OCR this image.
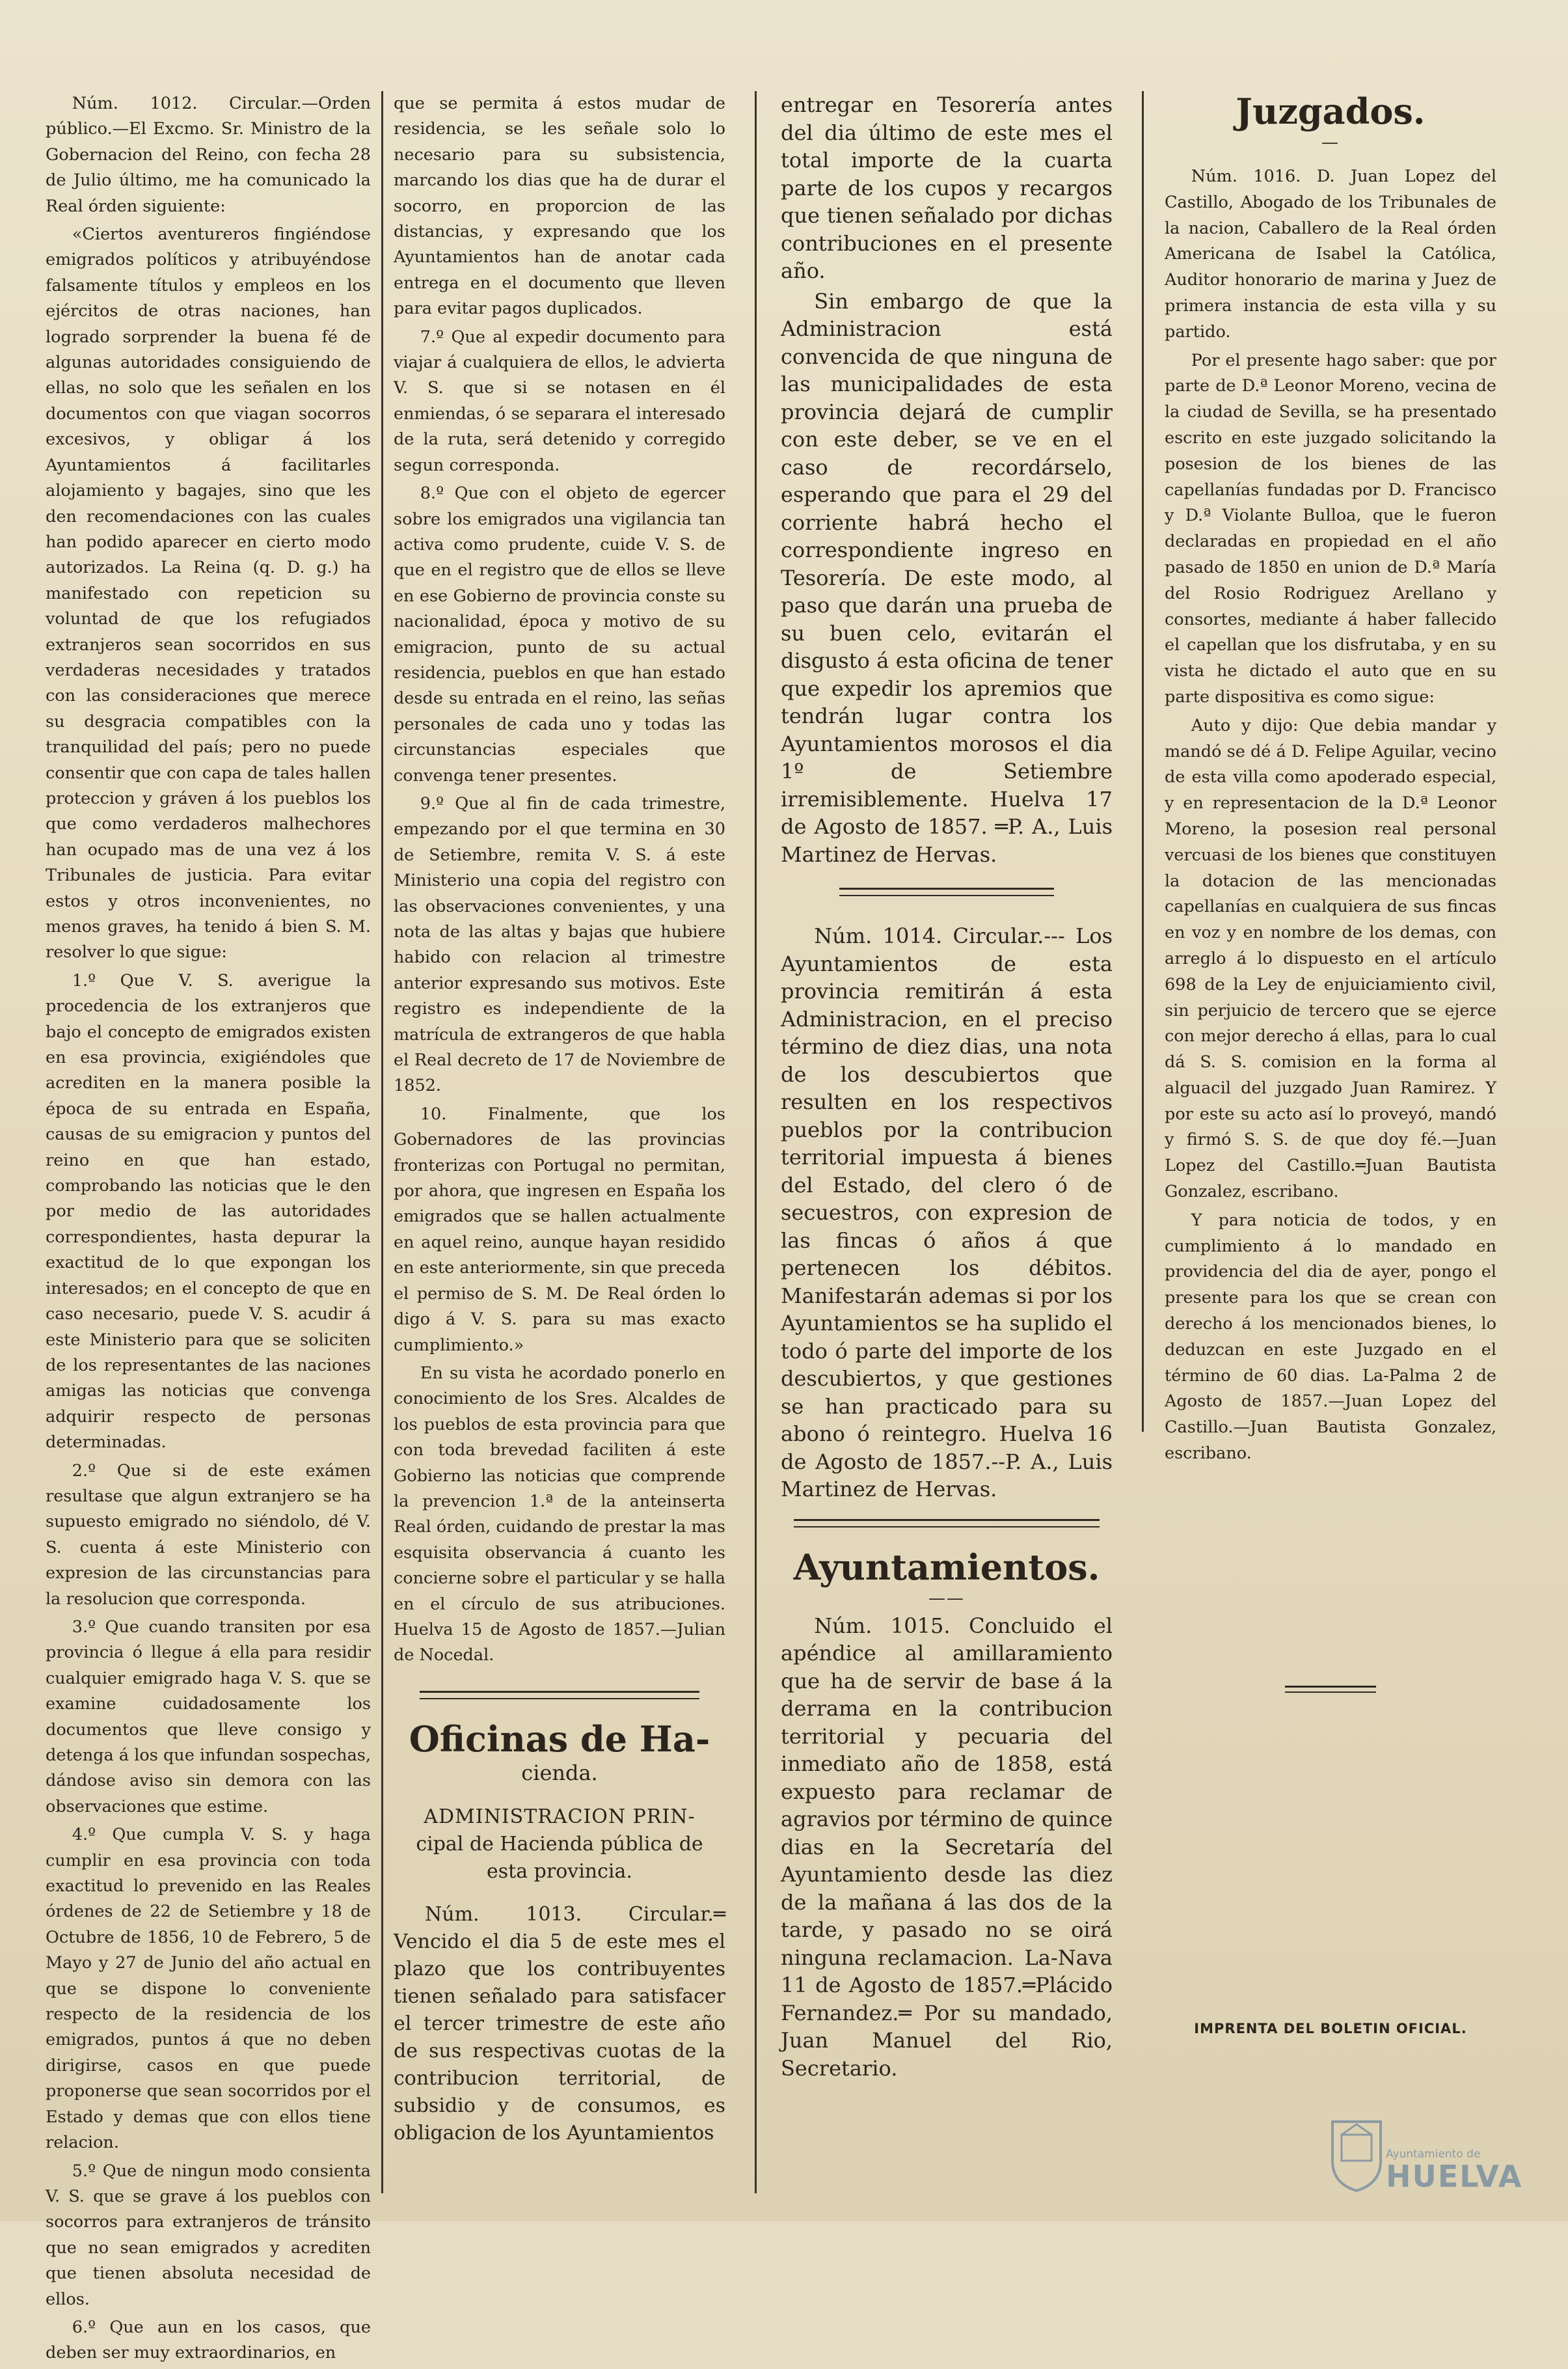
Núm. 1012. Circular.—Orden público.—El Excmo. Sr. Ministro de la Gobernacion del Reino, con fecha 28 de Julio último, me ha comunicado la Real órden siguiente:

«Ciertos aventureros fingiéndose emigrados políticos y atribuyéndose falsamente títulos y empleos en los ejércitos de otras naciones, han logrado sorprender la buena fé de algunas autoridades consiguiendo de ellas, no solo que les señalen en los documentos con que viagan socorros excesivos, y obligar á los Ayuntamientos á facilitarles alojamiento y bagajes, sino que les den recomendaciones con las cuales han podido aparecer en cierto modo autorizados. La Reina (q. D. g.) ha manifestado con repeticion su voluntad de que los refugiados extranjeros sean socorridos en sus verdaderas necesidades y tratados con las consideraciones que merece su desgracia compatibles con la tranquilidad del país; pero no puede consentir que con capa de tales hallen proteccion y gráven á los pueblos los que como verdaderos malhechores han ocupado mas de una vez á los Tribunales de justicia. Para evitar estos y otros inconvenientes, no menos graves, ha tenido á bien S. M. resolver lo que sigue:

1.º Que V. S. averigue la procedencia de los extranjeros que bajo el concepto de emigrados existen en esa provincia, exigiéndoles que acrediten en la manera posible la época de su entrada en España, causas de su emigracion y puntos del reino en que han estado, comprobando las noticias que le den por medio de las autoridades correspondientes, hasta depurar la exactitud de lo que expongan los interesados; en el concepto de que en caso necesario, puede V. S. acudir á este Ministerio para que se soliciten de los representantes de las naciones amigas las noticias que convenga adquirir respecto de personas determinadas.

2.º Que si de este exámen resultase que algun extranjero se ha supuesto emigrado no siéndolo, dé V. S. cuenta á este Ministerio con expresion de las circunstancias para la resolucion que corresponda.

3.º Que cuando transiten por esa provincia ó llegue á ella para residir cualquier emigrado haga V. S. que se examine cuidadosamente los documentos que lleve consigo y detenga á los que infundan sospechas, dándose aviso sin demora con las observaciones que estime.

4.º Que cumpla V. S. y haga cumplir en esa provincia con toda exactitud lo prevenido en las Reales órdenes de 22 de Setiembre y 18 de Octubre de 1856, 10 de Febrero, 5 de Mayo y 27 de Junio del año actual en que se dispone lo conveniente respecto de la residencia de los emigrados, puntos á que no deben dirigirse, casos en que puede proponerse que sean socorridos por el Estado y demas que con ellos tiene relacion.

5.º Que de ningun modo consienta V. S. que se grave á los pueblos con socorros para extranjeros de tránsito que no sean emigrados y acrediten que tienen absoluta necesidad de ellos.

6.º Que aun en los casos, que deben ser muy extraordinarios, en

que se permita á estos mudar de residencia, se les señale solo lo necesario para su subsistencia, marcando los dias que ha de durar el socorro, en proporcion de las distancias, y expresando que los Ayuntamientos han de anotar cada entrega en el documento que lleven para evitar pagos duplicados.

7.º Que al expedir documento para viajar á cualquiera de ellos, le advierta V. S. que si se notasen en él enmiendas, ó se separara el interesado de la ruta, será detenido y corregido segun corresponda.

8.º Que con el objeto de egercer sobre los emigrados una vigilancia tan activa como prudente, cuide V. S. de que en el registro que de ellos se lleve en ese Gobierno de provincia conste su nacionalidad, época y motivo de su emigracion, punto de su actual residencia, pueblos en que han estado desde su entrada en el reino, las señas personales de cada uno y todas las circunstancias especiales que convenga tener presentes.

9.º Que al fin de cada trimestre, empezando por el que termina en 30 de Setiembre, remita V. S. á este Ministerio una copia del registro con las observaciones convenientes, y una nota de las altas y bajas que hubiere habido con relacion al trimestre anterior expresando sus motivos. Este registro es independiente de la matrícula de extrangeros de que habla el Real decreto de 17 de Noviembre de 1852.

10. Finalmente, que los Gobernadores de las provincias fronterizas con Portugal no permitan, por ahora, que ingresen en España los emigrados que se hallen actualmente en aquel reino, aunque hayan residido en este anteriormente, sin que preceda el permiso de S. M. De Real órden lo digo á V. S. para su mas exacto cumplimiento.»

En su vista he acordado ponerlo en conocimiento de los Sres. Alcaldes de los pueblos de esta provincia para que con toda brevedad faciliten á este Gobierno las noticias que comprende la prevencion 1.ª de la anteinserta Real órden, cuidando de prestar la mas esquisita observancia á cuanto les concierne sobre el particular y se halla en el círculo de sus atribuciones. Huelva 15 de Agosto de 1857.—Julian de Nocedal.

Oficinas de Ha-

cienda.

ADMINISTRACION PRIN-

cipal de Hacienda pública de esta provincia.

Núm. 1013. Circular.═ Vencido el dia 5 de este mes el plazo que los contribuyentes tienen señalado para satisfacer el tercer trimestre de este año de sus respectivas cuotas de la contribucion territorial, de subsidio y de consumos, es obligacion de los Ayuntamientos

entregar en Tesorería antes del dia último de este mes el total importe de la cuarta parte de los cupos y recargos que tienen señalado por dichas contribuciones en el presente año.

Sin embargo de que la Administracion está convencida de que ninguna de las municipalidades de esta provincia dejará de cumplir con este deber, se ve en el caso de recordárselo, esperando que para el 29 del corriente habrá hecho el correspondiente ingreso en Tesorería. De este modo, al paso que darán una prueba de su buen celo, evitarán el disgusto á esta oficina de tener que expedir los apremios que tendrán lugar contra los Ayuntamientos morosos el dia 1º de Setiembre irremisiblemente. Huelva 17 de Agosto de 1857. ═P. A., Luis Martinez de Hervas.

Núm. 1014. Circular.--- Los Ayuntamientos de esta provincia remitirán á esta Administracion, en el preciso término de diez dias, una nota de los descubiertos que resulten en los respectivos pueblos por la contribucion territorial impuesta á bienes del Estado, del clero ó de secuestros, con expresion de las fincas ó años á que pertenecen los débitos. Manifestarán ademas si por los Ayuntamientos se ha suplido el todo ó parte del importe de los descubiertos, y que gestiones se han practicado para su abono ó reintegro. Huelva 16 de Agosto de 1857.--P. A., Luis Martinez de Hervas.

Ayuntamientos.

——

Núm. 1015. Concluido el apéndice al amillaramiento que ha de servir de base á la derrama en la contribucion territorial y pecuaria del inmediato año de 1858, está expuesto para reclamar de agravios por término de quince dias en la Secretaría del Ayuntamiento desde las diez de la mañana á las dos de la tarde, y pasado no se oirá ninguna reclamacion. La-Nava 11 de Agosto de 1857.═Plácido Fernandez.═ Por su mandado, Juan Manuel del Rio, Secretario.

Juzgados.

—

Núm. 1016. D. Juan Lopez del Castillo, Abogado de los Tribunales de la nacion, Caballero de la Real órden Americana de Isabel la Católica, Auditor honorario de marina y Juez de primera instancia de esta villa y su partido.

Por el presente hago saber: que por parte de D.ª Leonor Moreno, vecina de la ciudad de Sevilla, se ha presentado escrito en este juzgado solicitando la posesion de los bienes de las capellanías fundadas por D. Francisco y D.ª Violante Bulloa, que le fueron declaradas en propiedad en el año pasado de 1850 en union de D.ª María del Rosio Rodriguez Arellano y consortes, mediante á haber fallecido el capellan que los disfrutaba, y en su vista he dictado el auto que en su parte dispositiva es como sigue:

Auto y dijo: Que debia mandar y mandó se dé á D. Felipe Aguilar, vecino de esta villa como apoderado especial, y en representacion de la D.ª Leonor Moreno, la posesion real personal vercuasi de los bienes que constituyen la dotacion de las mencionadas capellanías en cualquiera de sus fincas en voz y en nombre de los demas, con arreglo á lo dispuesto en el artículo 698 de la Ley de enjuiciamiento civil, sin perjuicio de tercero que se ejerce con mejor derecho á ellas, para lo cual dá S. S. comision en la forma al alguacil del juzgado Juan Ramirez. Y por este su acto así lo proveyó, mandó y firmó S. S. de que doy fé.—Juan Lopez del Castillo.═Juan Bautista Gonzalez, escribano.

Y para noticia de todos, y en cumplimiento á lo mandado en providencia del dia de ayer, pongo el presente para los que se crean con derecho á los mencionados bienes, lo deduzcan en este Juzgado en el término de 60 dias. La-Palma 2 de Agosto de 1857.—Juan Lopez del Castillo.—Juan Bautista Gonzalez, escribano.

IMPRENTA DEL BOLETIN OFICIAL.
Ayuntamiento de
HUELVA
